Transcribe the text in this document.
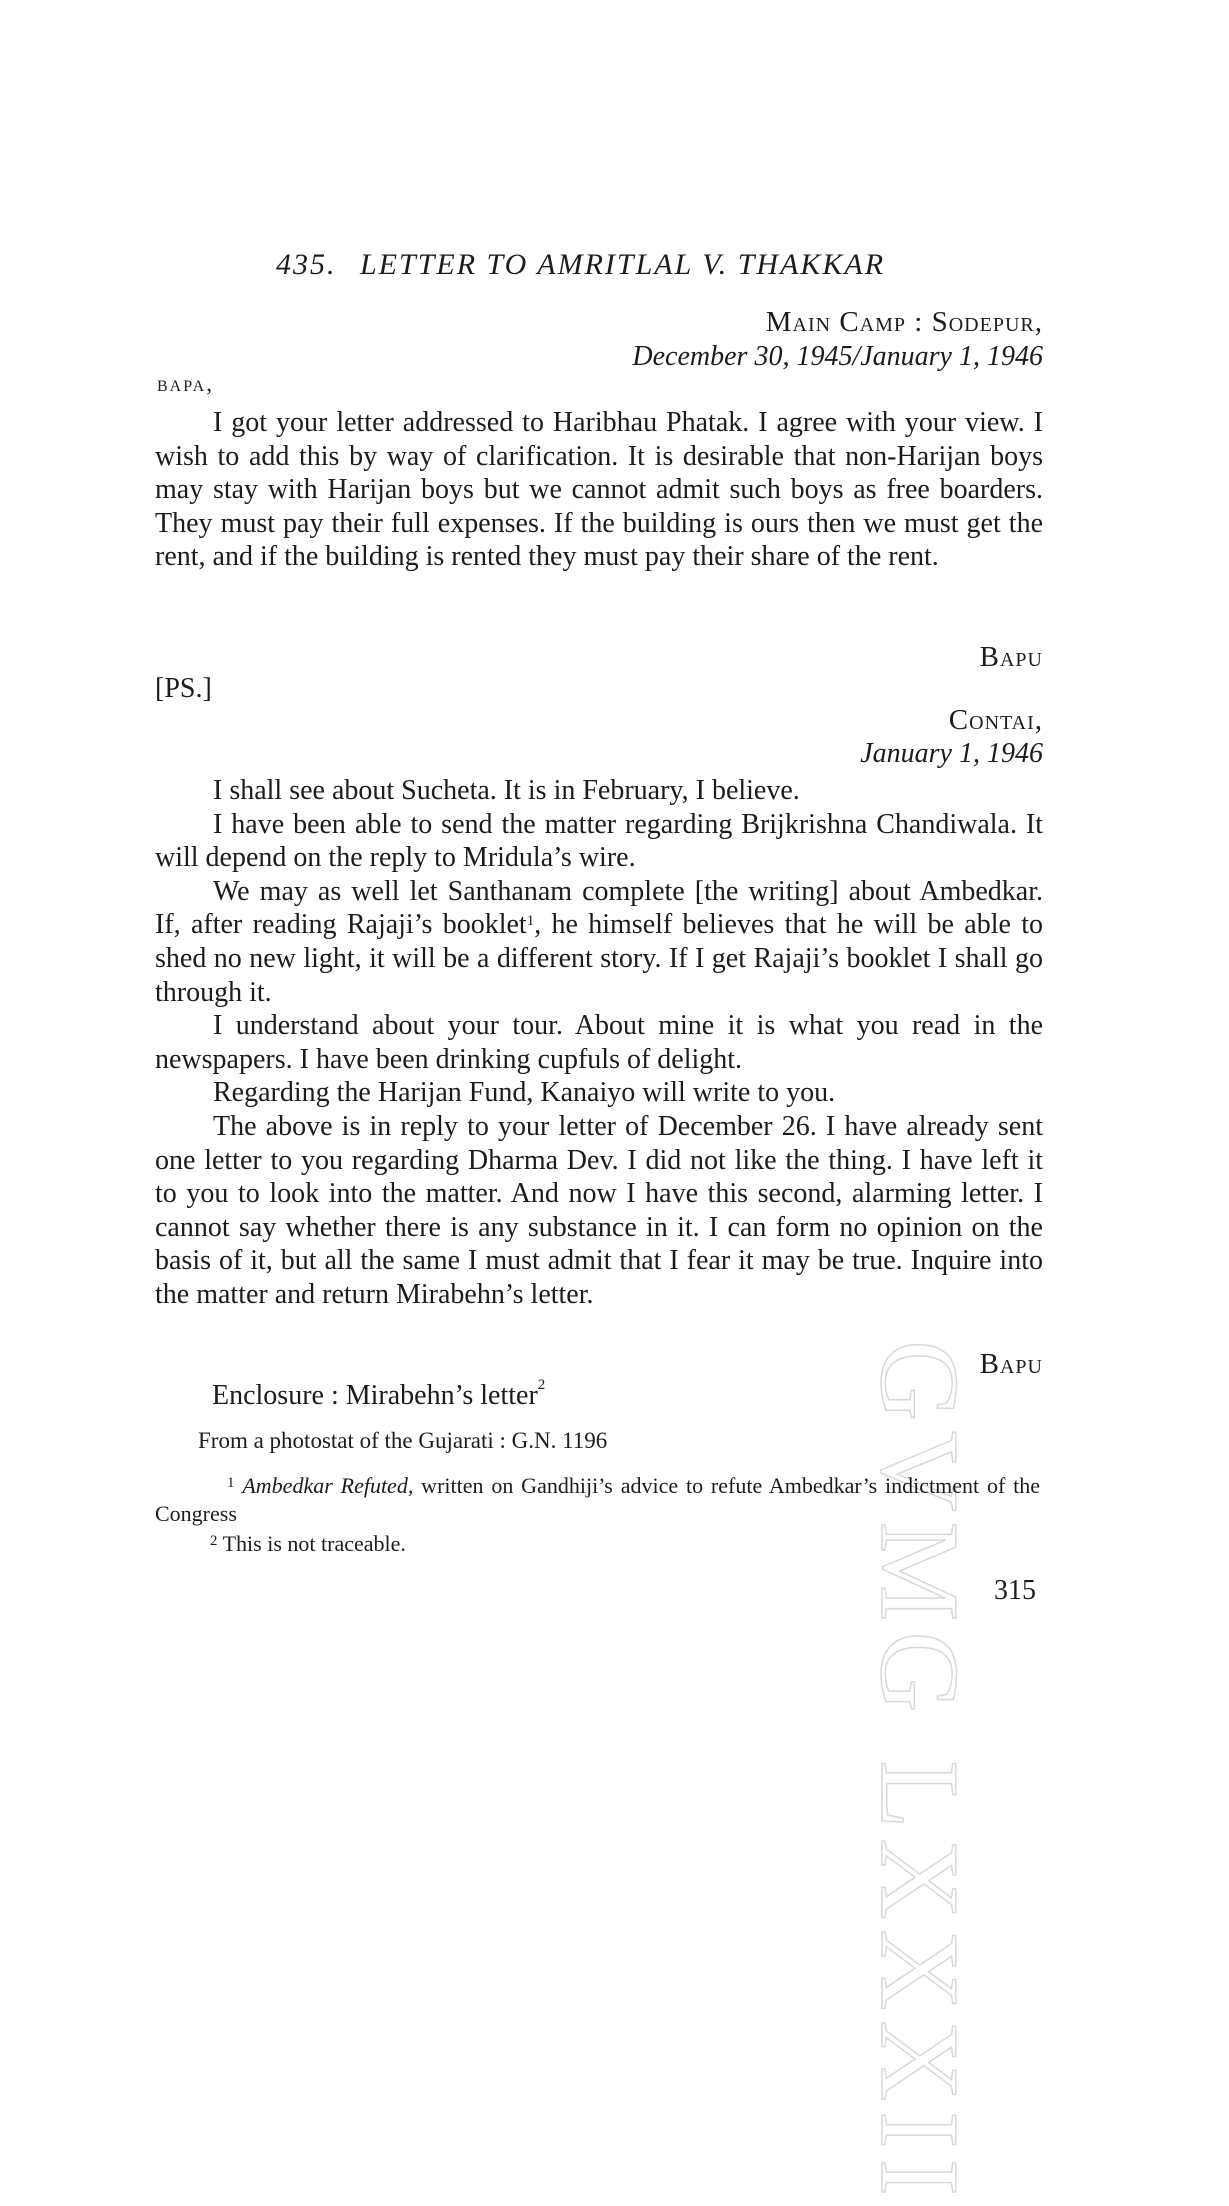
GVMG LXXXII
435. LETTER TO AMRITLAL V. THAKKAR
Main Camp : Sodepur,
December 30, 1945/January 1, 1946
bapa,

I got your letter addressed to Haribhau Phatak. I agree with your view. I wish to add this by way of clarification. It is desirable that non-Harijan boys may stay with Harijan boys but we cannot admit such boys as free boarders. They must pay their full expenses. If the building is ours then we must get the rent, and if the building is rented they must pay their share of the rent.

Bapu
[PS.]
Contai,
January 1, 1946

I shall see about Sucheta. It is in February, I believe.

I have been able to send the matter regarding Brijkrishna Chandiwala. It will depend on the reply to Mridula’s wire.

We may as well let Santhanam complete [the writing] about Ambedkar. If, after reading Rajaji’s booklet$^1$, he himself believes that he will be able to shed no new light, it will be a different story. If I get Rajaji’s booklet I shall go through it.

I understand about your tour. About mine it is what you read in the newspapers. I have been drinking cupfuls of delight.

Regarding the Harijan Fund, Kanaiyo will write to you.

The above is in reply to your letter of December 26. I have already sent one letter to you regarding Dharma Dev. I did not like the thing. I have left it to you to look into the matter. And now I have this second, alarming letter. I cannot say whether there is any substance in it. I can form no opinion on the basis of it, but all the same I must admit that I fear it may be true. Inquire into the matter and return Mirabehn’s letter.

Bapu
Enclosure : Mirabehn’s letter$^2$
From a photostat of the Gujarati : G.N. 1196
$^1$ Ambedkar Refuted, written on Gandhiji’s advice to refute Ambedkar’s indictment of the Congress
$^2$ This is not traceable.
315
